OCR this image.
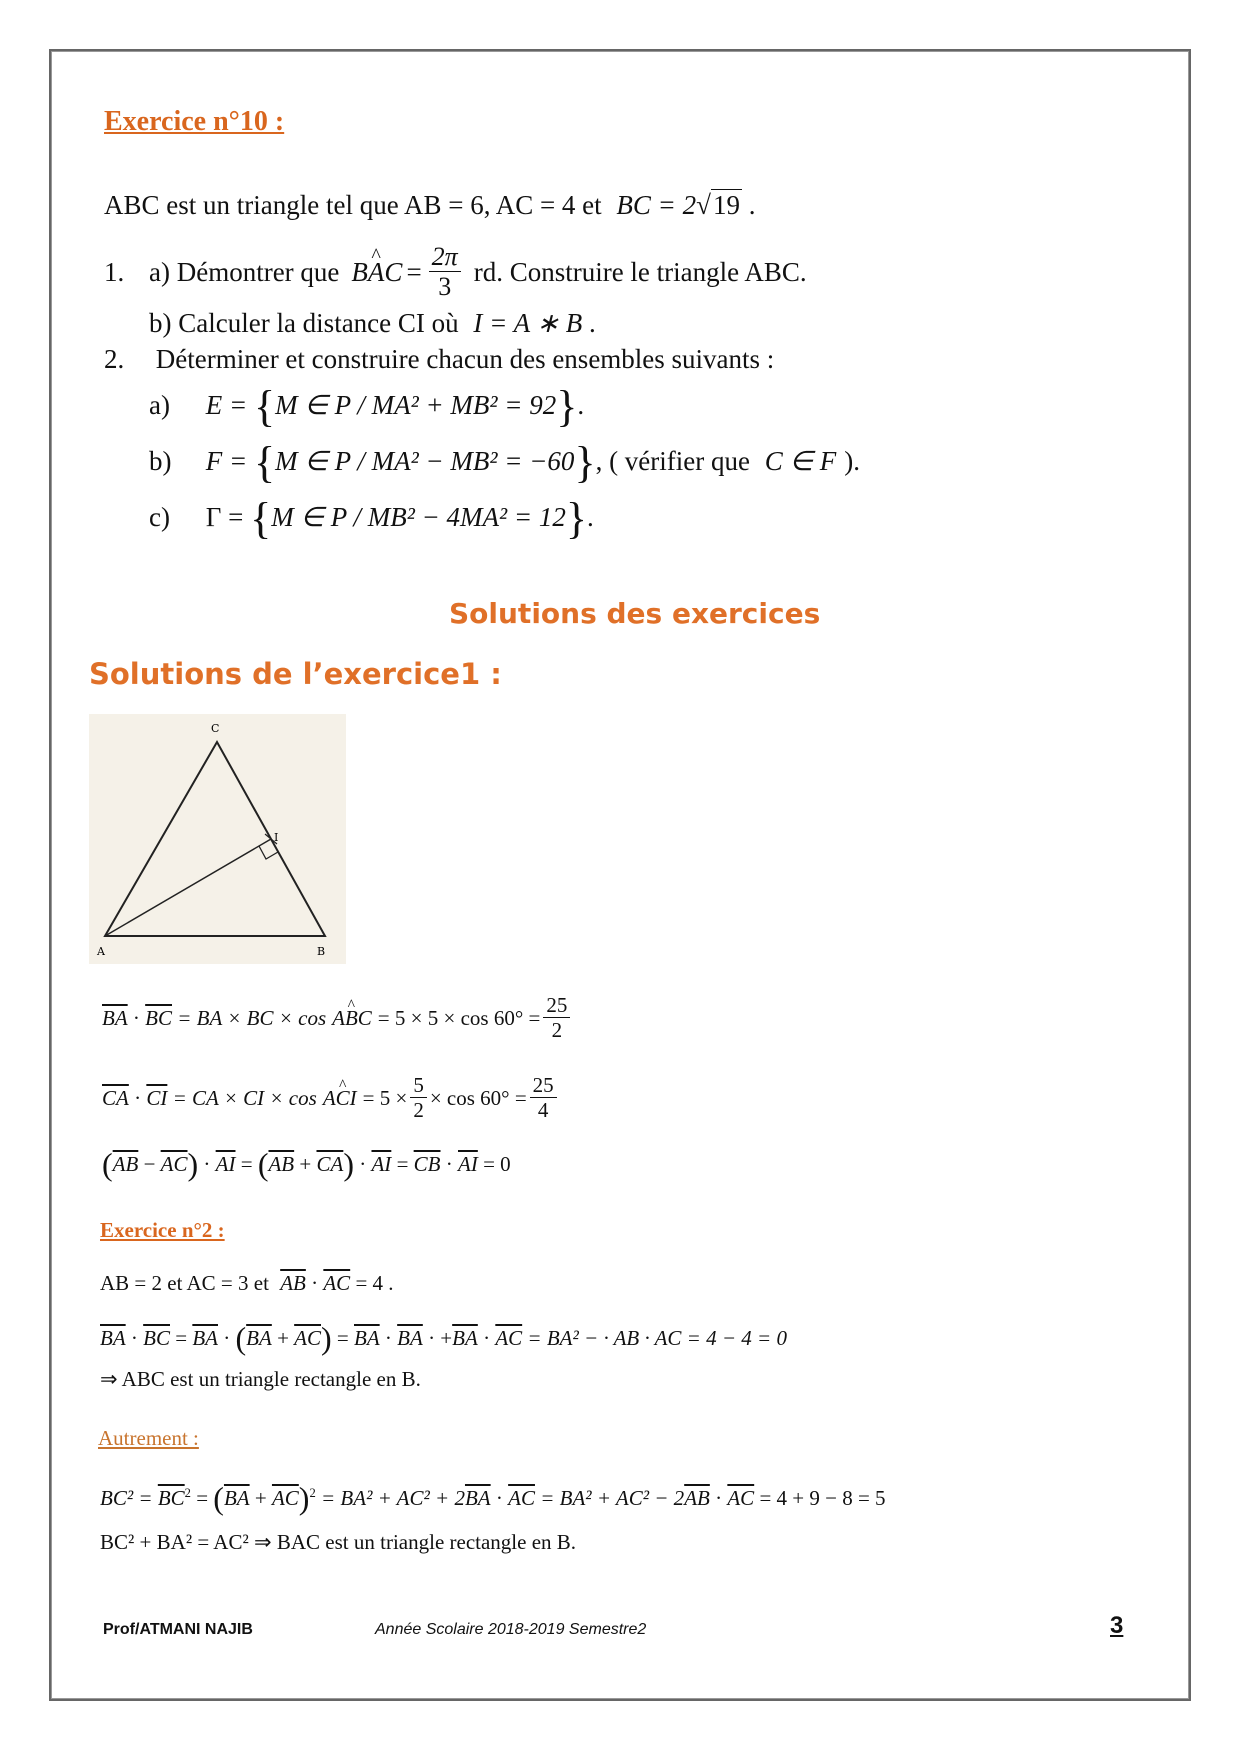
Exercice n°10 :
ABC est un triangle tel que AB = 6, AC = 4 et BC = 2√19 .
1. a) Démontrer que B^ AC = $\frac{2\pi}{3}$ rd. Construire le triangle ABC.
b) Calculer la distance CI où I = A ∗ B .
2. Déterminer et construire chacun des ensembles suivants :
a) E = {M ∈ P / MA² + MB² = 92}.
b) F = {M ∈ P / MA² − MB² = −60}, ( vérifier que C ∈ F ).
c) Γ = {M ∈ P / MB² − 4MA² = 12}.
Solutions des exercices
Solutions de l’exercice1 :
C
I
A	B
$\overline{BA} \cdot \overline{BC}$
= BA × BC × cos A^ BC = $5 \times 5 \times \cos 60^\circ = \frac{25}{2}$
$\overline{CA} \cdot \overline{CI}$
= CA × CI × cos A^ CI = $5 \times \frac{5}{2} \times \cos 60^\circ = \frac{25}{4}$
$(\overline{AB} - \overline{AC}) \cdot \overline{AI} = (\overline{AB} + \overline{CA}) \cdot \overline{AI} = \overline{CB} \cdot \overline{AI} = 0$
Exercice n°2 :
AB = 2 et AC = 3 et $\overline{AB} \cdot \overline{AC} = 4$ .
$\overline{BA} \cdot \overline{BC} = \overline{BA} \cdot (\overline{BA} + \overline{AC}) = \overline{BA} \cdot \overline{BA} \cdot +\overline{BA} \cdot \overline{AC} = BA^2$ − · AB · AC = 4 − 4 = 0
⇒ ABC est un triangle rectangle en B.
Autrement :
$BC^2 = \overline{BC}^2 = (\overline{BA} + \overline{AC})^2 = BA^2 + AC^2 + 2\overline{BA} \cdot \overline{AC} = BA^2 + AC^2 - 2\overline{AB} \cdot \overline{AC} = 4 + 9 - 8 = 5$
BC² + BA² = AC² ⇒ BAC est un triangle rectangle en B.
Prof/ATMANI NAJIB	Année Scolaire 2018-2019 Semestre2	3
